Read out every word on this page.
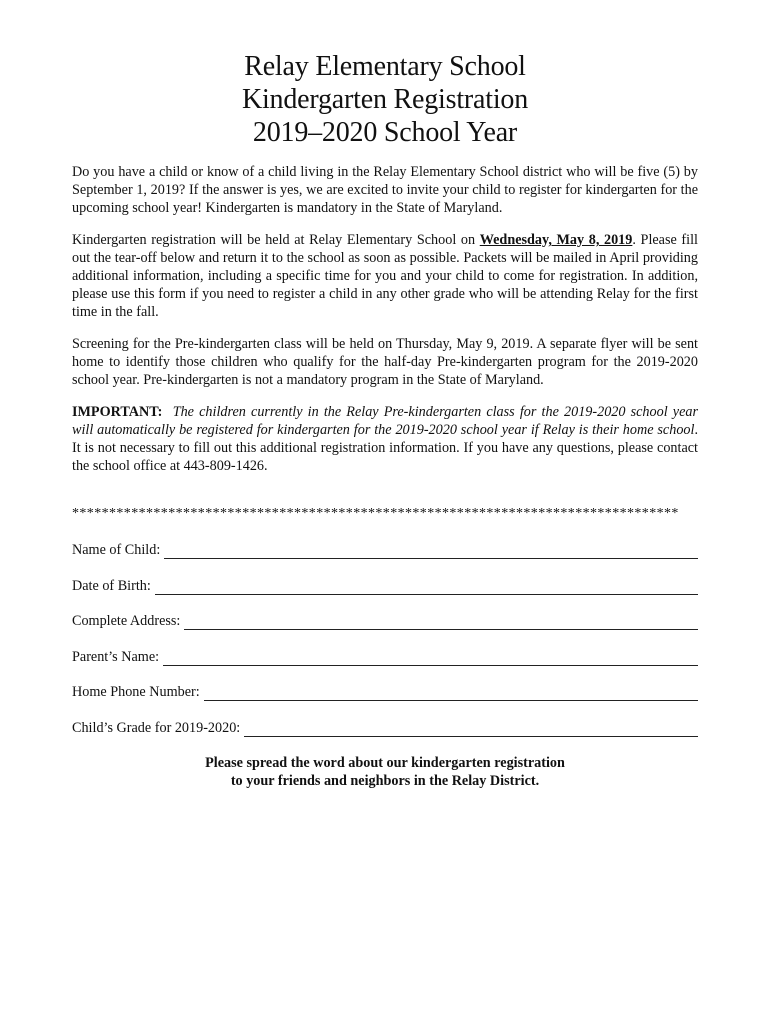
Relay Elementary School
Kindergarten Registration
2019–2020 School Year

Do you have a child or know of a child living in the Relay Elementary School district who will be five (5) by September 1, 2019? If the answer is yes, we are excited to invite your child to register for kindergarten for the upcoming school year! Kindergarten is mandatory in the State of Maryland.

Kindergarten registration will be held at Relay Elementary School on Wednesday, May 8, 2019. Please fill out the tear-off below and return it to the school as soon as possible. Packets will be mailed in April providing additional information, including a specific time for you and your child to come for registration. In addition, please use this form if you need to register a child in any other grade who will be attending Relay for the first time in the fall.

Screening for the Pre-kindergarten class will be held on Thursday, May 9, 2019. A separate flyer will be sent home to identify those children who qualify for the half-day Pre-kindergarten program for the 2019-2020 school year. Pre-kindergarten is not a mandatory program in the State of Maryland.

IMPORTANT: The children currently in the Relay Pre-kindergarten class for the 2019-2020 school year will automatically be registered for kindergarten for the 2019-2020 school year if Relay is their home school. It is not necessary to fill out this additional registration information. If you have any questions, please contact the school office at 443-809-1426.

**********************************************************************************
Name of Child:
Date of Birth:
Complete Address:
Parent’s Name:
Home Phone Number:
Child’s Grade for 2019-2020:
Please spread the word about our kindergarten registration
to your friends and neighbors in the Relay District.
